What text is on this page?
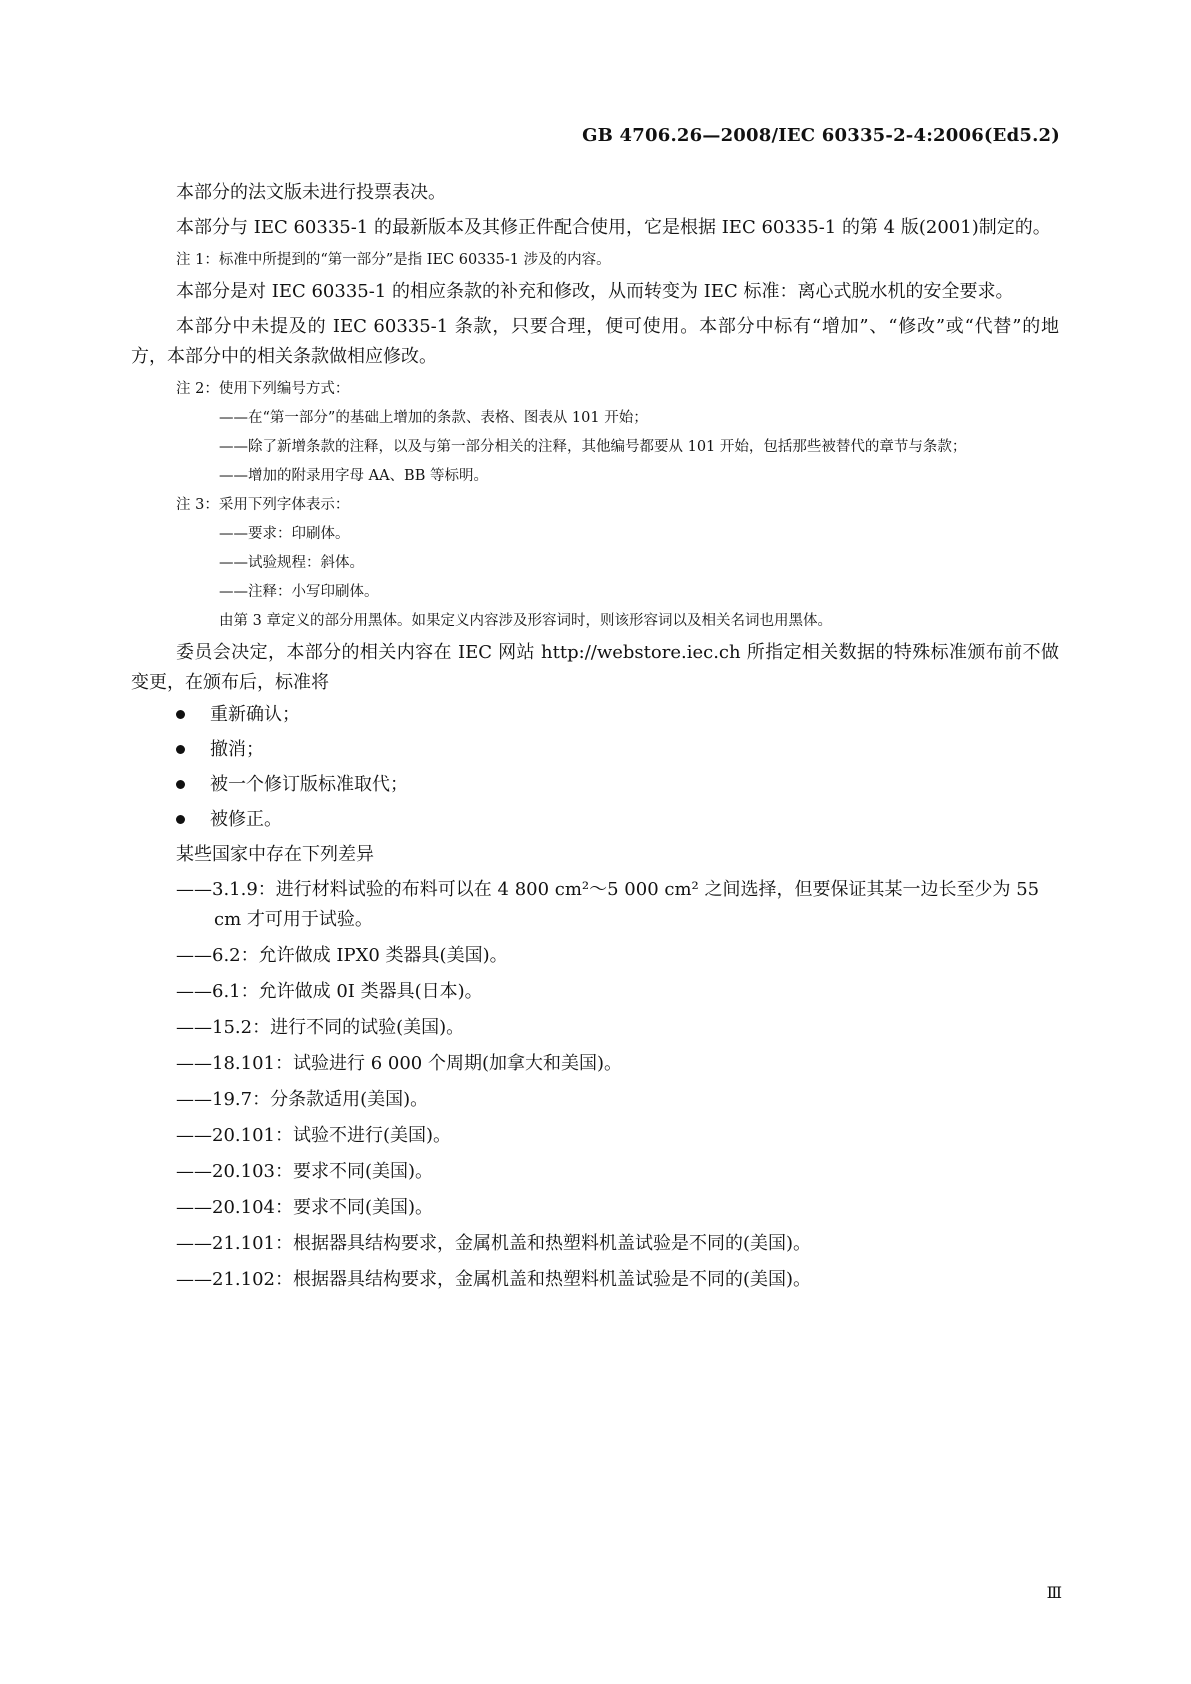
GB 4706.26—2008/IEC 60335-2-4:2006(Ed5.2)

本部分的法文版未进行投票表决。

本部分与 IEC 60335-1 的最新版本及其修正件配合使用，它是根据 IEC 60335-1 的第 4 版(2001)制定的。

注 1：标准中所提到的“第一部分”是指 IEC 60335-1 涉及的内容。

本部分是对 IEC 60335-1 的相应条款的补充和修改，从而转变为 IEC 标准：离心式脱水机的安全要求。

本部分中未提及的 IEC 60335-1 条款，只要合理，便可使用。本部分中标有“增加”、“修改”或“代替”的地方，本部分中的相关条款做相应修改。

注 2：使用下列编号方式：
——在“第一部分”的基础上增加的条款、表格、图表从 101 开始；
——除了新增条款的注释，以及与第一部分相关的注释，其他编号都要从 101 开始，包括那些被替代的章节与条款；
——增加的附录用字母 AA、BB 等标明。
注 3：采用下列字体表示：
——要求：印刷体。
——试验规程：斜体。
——注释：小写印刷体。
由第 3 章定义的部分用黑体。如果定义内容涉及形容词时，则该形容词以及相关名词也用黑体。

委员会决定，本部分的相关内容在 IEC 网站 http://webstore.iec.ch 所指定相关数据的特殊标准颁布前不做变更，在颁布后，标准将

重新确认；
撤消；
被一个修订版标准取代；
被修正。

某些国家中存在下列差异

——3.1.9：进行材料试验的布料可以在 4 800 cm²～5 000 cm² 之间选择，但要保证其某一边长至少为 55 cm 才可用于试验。
——6.2：允许做成 IPX0 类器具(美国)。
——6.1：允许做成 0I 类器具(日本)。
——15.2：进行不同的试验(美国)。
——18.101：试验进行 6 000 个周期(加拿大和美国)。
——19.7：分条款适用(美国)。
——20.101：试验不进行(美国)。
——20.103：要求不同(美国)。
——20.104：要求不同(美国)。
——21.101：根据器具结构要求，金属机盖和热塑料机盖试验是不同的(美国)。
——21.102：根据器具结构要求，金属机盖和热塑料机盖试验是不同的(美国)。
Ⅲ
